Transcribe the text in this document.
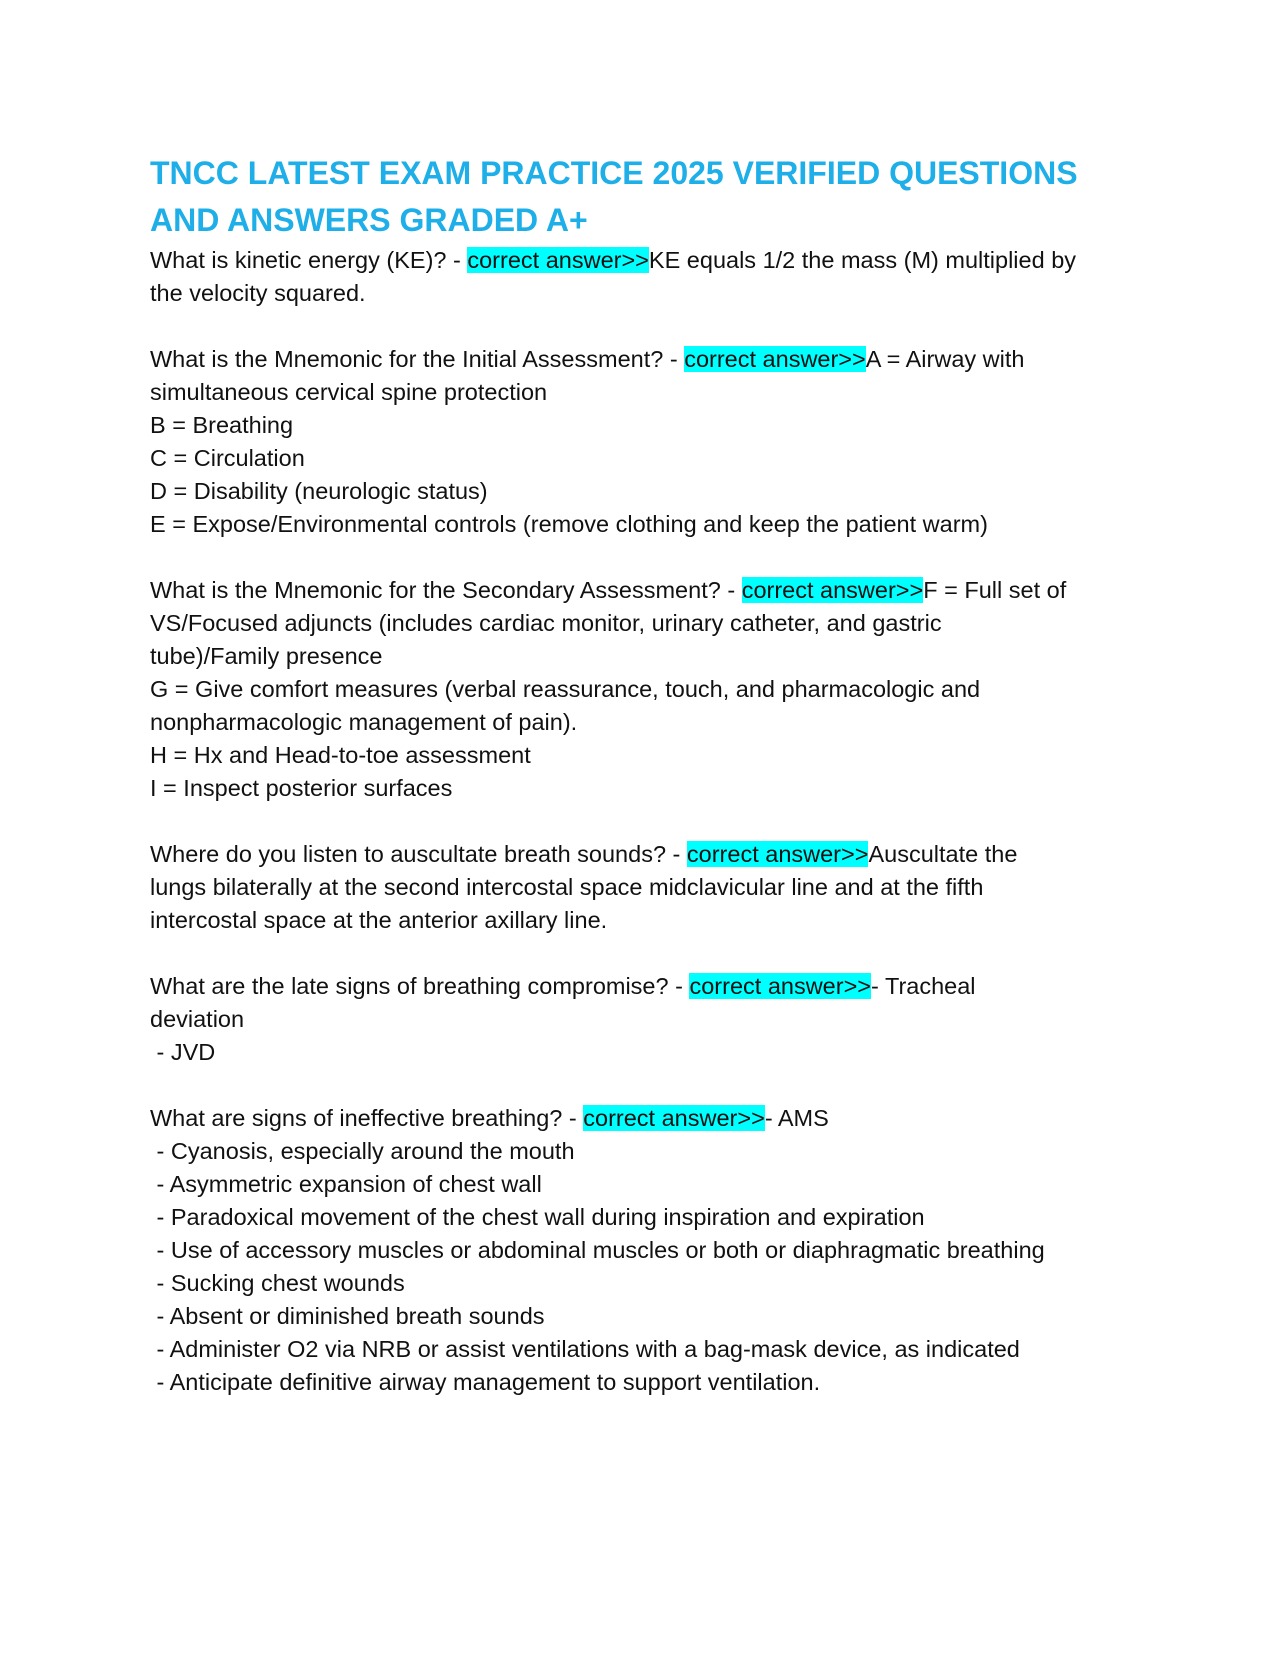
TNCC LATEST EXAM PRACTICE 2025 VERIFIED QUESTIONS
AND ANSWERS GRADED A+
What is kinetic energy (KE)? - correct answer>>KE equals 1/2 the mass (M) multiplied by
the velocity squared.
What is the Mnemonic for the Initial Assessment? - correct answer>>A = Airway with
simultaneous cervical spine protection
B = Breathing
C = Circulation
D = Disability (neurologic status)
E = Expose/Environmental controls (remove clothing and keep the patient warm)
What is the Mnemonic for the Secondary Assessment? - correct answer>>F = Full set of
VS/Focused adjuncts (includes cardiac monitor, urinary catheter, and gastric
tube)/Family presence
G = Give comfort measures (verbal reassurance, touch, and pharmacologic and
nonpharmacologic management of pain).
H = Hx and Head-to-toe assessment
I = Inspect posterior surfaces
Where do you listen to auscultate breath sounds? - correct answer>>Auscultate the
lungs bilaterally at the second intercostal space midclavicular line and at the fifth
intercostal space at the anterior axillary line.
What are the late signs of breathing compromise? - correct answer>>- Tracheal
deviation
- JVD
What are signs of ineffective breathing? - correct answer>>- AMS
- Cyanosis, especially around the mouth
- Asymmetric expansion of chest wall
- Paradoxical movement of the chest wall during inspiration and expiration
- Use of accessory muscles or abdominal muscles or both or diaphragmatic breathing
- Sucking chest wounds
- Absent or diminished breath sounds
- Administer O2 via NRB or assist ventilations with a bag-mask device, as indicated
- Anticipate definitive airway management to support ventilation.
